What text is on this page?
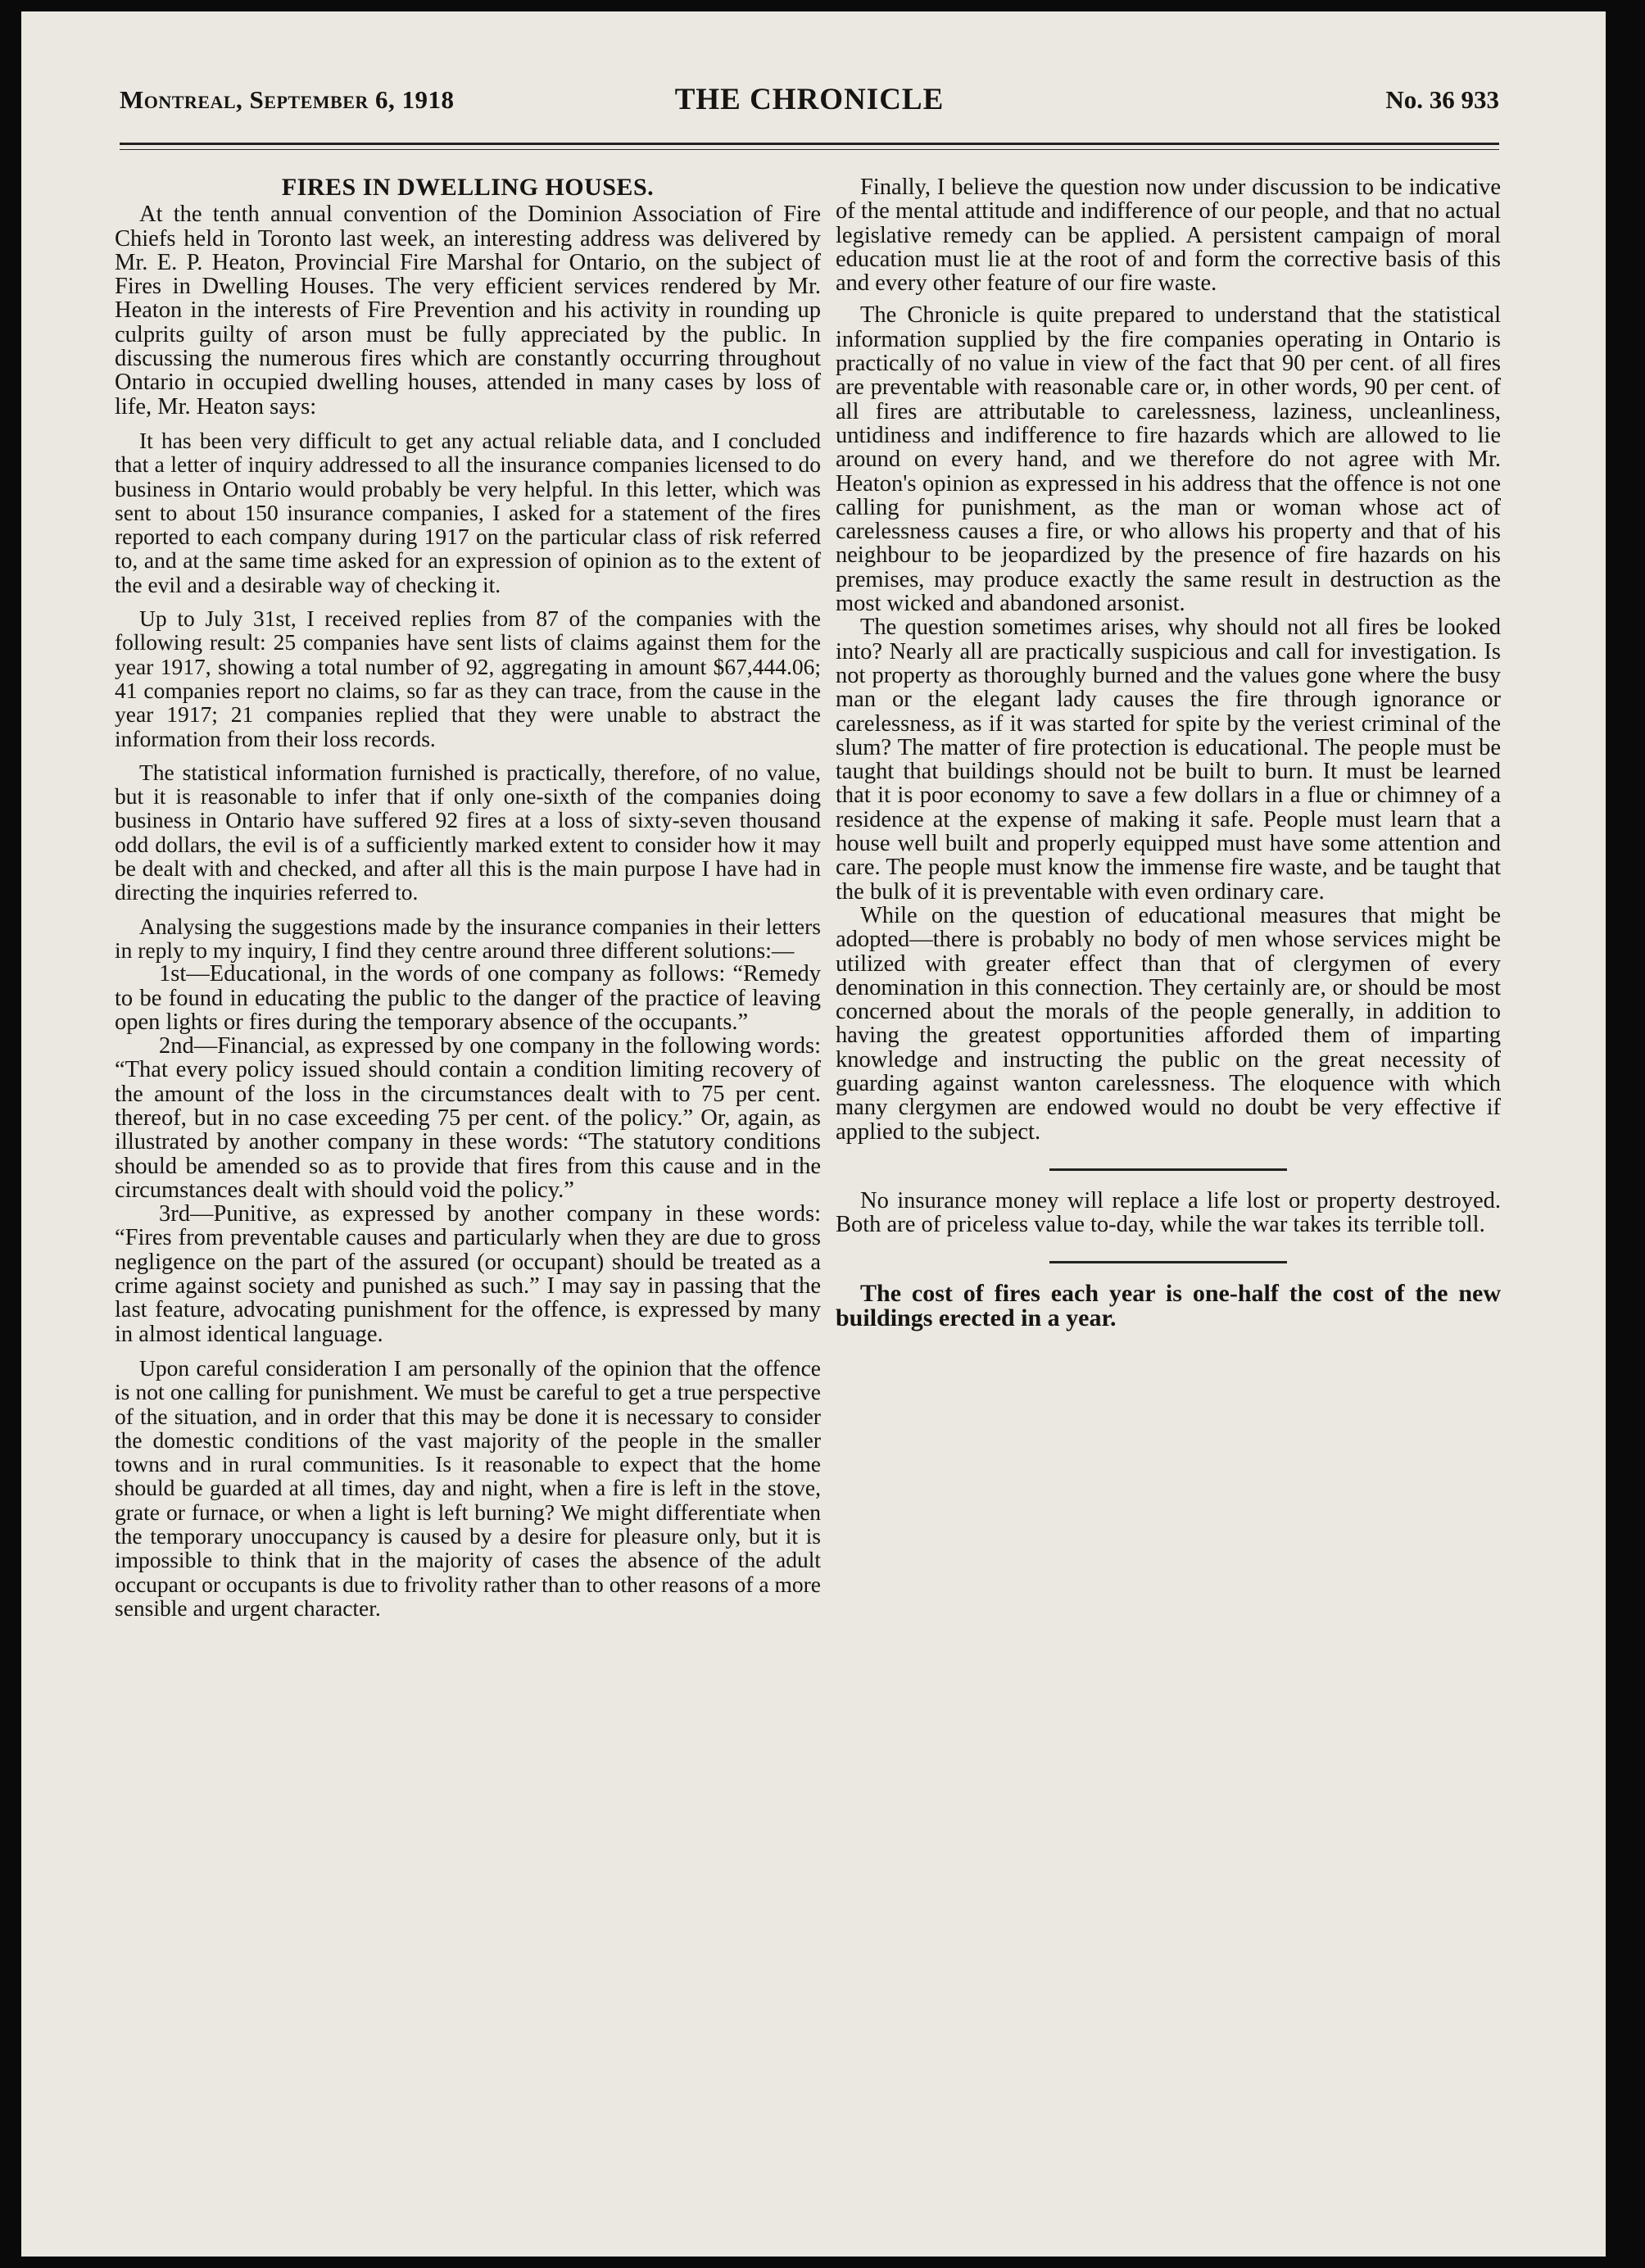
Montreal, September 6, 1918	THE CHRONICLE	No. 36 933
FIRES IN DWELLING HOUSES.

At the tenth annual convention of the Dominion Association of Fire Chiefs held in Toronto last week, an interesting address was delivered by Mr. E. P. Heaton, Provincial Fire Marshal for Ontario, on the subject of Fires in Dwelling Houses. The very efficient services rendered by Mr. Heaton in the interests of Fire Prevention and his activity in rounding up culprits guilty of arson must be fully appreciated by the public. In discussing the numerous fires which are constantly occurring throughout Ontario in occupied dwelling houses, attended in many cases by loss of life, Mr. Heaton says:

It has been very difficult to get any actual reliable data, and I concluded that a letter of inquiry addressed to all the insurance companies licensed to do business in Ontario would probably be very helpful. In this letter, which was sent to about 150 insurance companies, I asked for a statement of the fires reported to each company during 1917 on the particular class of risk referred to, and at the same time asked for an expression of opinion as to the extent of the evil and a desirable way of checking it.

Up to July 31st, I received replies from 87 of the companies with the following result: 25 companies have sent lists of claims against them for the year 1917, showing a total number of 92, aggregating in amount $67,444.06; 41 companies report no claims, so far as they can trace, from the cause in the year 1917; 21 companies replied that they were unable to abstract the information from their loss records.

The statistical information furnished is practically, therefore, of no value, but it is reasonable to infer that if only one-sixth of the companies doing business in Ontario have suffered 92 fires at a loss of sixty-seven thousand odd dollars, the evil is of a sufficiently marked extent to consider how it may be dealt with and checked, and after all this is the main purpose I have had in directing the inquiries referred to.

Analysing the suggestions made by the insurance companies in their letters in reply to my inquiry, I find they centre around three different solutions:—

1st—Educational, in the words of one company as follows: “Remedy to be found in educating the public to the danger of the practice of leaving open lights or fires during the temporary absence of the occupants.”

2nd—Financial, as expressed by one company in the following words: “That every policy issued should contain a condition limiting recovery of the amount of the loss in the circumstances dealt with to 75 per cent. thereof, but in no case exceeding 75 per cent. of the policy.” Or, again, as illustrated by another company in these words: “The statutory conditions should be amended so as to provide that fires from this cause and in the circumstances dealt with should void the policy.”

3rd—Punitive, as expressed by another company in these words: “Fires from preventable causes and particularly when they are due to gross negligence on the part of the assured (or occupant) should be treated as a crime against society and punished as such.” I may say in passing that the last feature, advocating punishment for the offence, is expressed by many in almost identical language.

Upon careful consideration I am personally of the opinion that the offence is not one calling for punishment. We must be careful to get a true perspective of the situation, and in order that this may be done it is necessary to consider the domestic conditions of the vast majority of the people in the smaller towns and in rural communities. Is it reasonable to expect that the home should be guarded at all times, day and night, when a fire is left in the stove, grate or furnace, or when a light is left burning? We might differentiate when the temporary unoccupancy is caused by a desire for pleasure only, but it is impossible to think that in the majority of cases the absence of the adult occupant or occupants is due to frivolity rather than to other reasons of a more sensible and urgent character.

Finally, I believe the question now under discussion to be indicative of the mental attitude and indifference of our people, and that no actual legislative remedy can be applied. A persistent campaign of moral education must lie at the root of and form the corrective basis of this and every other feature of our fire waste.

The Chronicle is quite prepared to understand that the statistical information supplied by the fire companies operating in Ontario is practically of no value in view of the fact that 90 per cent. of all fires are preventable with reasonable care or, in other words, 90 per cent. of all fires are attributable to carelessness, laziness, uncleanliness, untidiness and indifference to fire hazards which are allowed to lie around on every hand, and we therefore do not agree with Mr. Heaton's opinion as expressed in his address that the offence is not one calling for punishment, as the man or woman whose act of carelessness causes a fire, or who allows his property and that of his neighbour to be jeopardized by the presence of fire hazards on his premises, may produce exactly the same result in destruction as the most wicked and abandoned arsonist.

The question sometimes arises, why should not all fires be looked into? Nearly all are practically suspicious and call for investigation. Is not property as thoroughly burned and the values gone where the busy man or the elegant lady causes the fire through ignorance or carelessness, as if it was started for spite by the veriest criminal of the slum? The matter of fire protection is educational. The people must be taught that buildings should not be built to burn. It must be learned that it is poor economy to save a few dollars in a flue or chimney of a residence at the expense of making it safe. People must learn that a house well built and properly equipped must have some attention and care. The people must know the immense fire waste, and be taught that the bulk of it is preventable with even ordinary care.

While on the question of educational measures that might be adopted—there is probably no body of men whose services might be utilized with greater effect than that of clergymen of every denomination in this connection. They certainly are, or should be most concerned about the morals of the people generally, in addition to having the greatest opportunities afforded them of imparting knowledge and instructing the public on the great necessity of guarding against wanton carelessness. The eloquence with which many clergymen are endowed would no doubt be very effective if applied to the subject.

No insurance money will replace a life lost or property destroyed. Both are of priceless value to-day, while the war takes its terrible toll.

The cost of fires each year is one-half the cost of the new buildings erected in a year.
